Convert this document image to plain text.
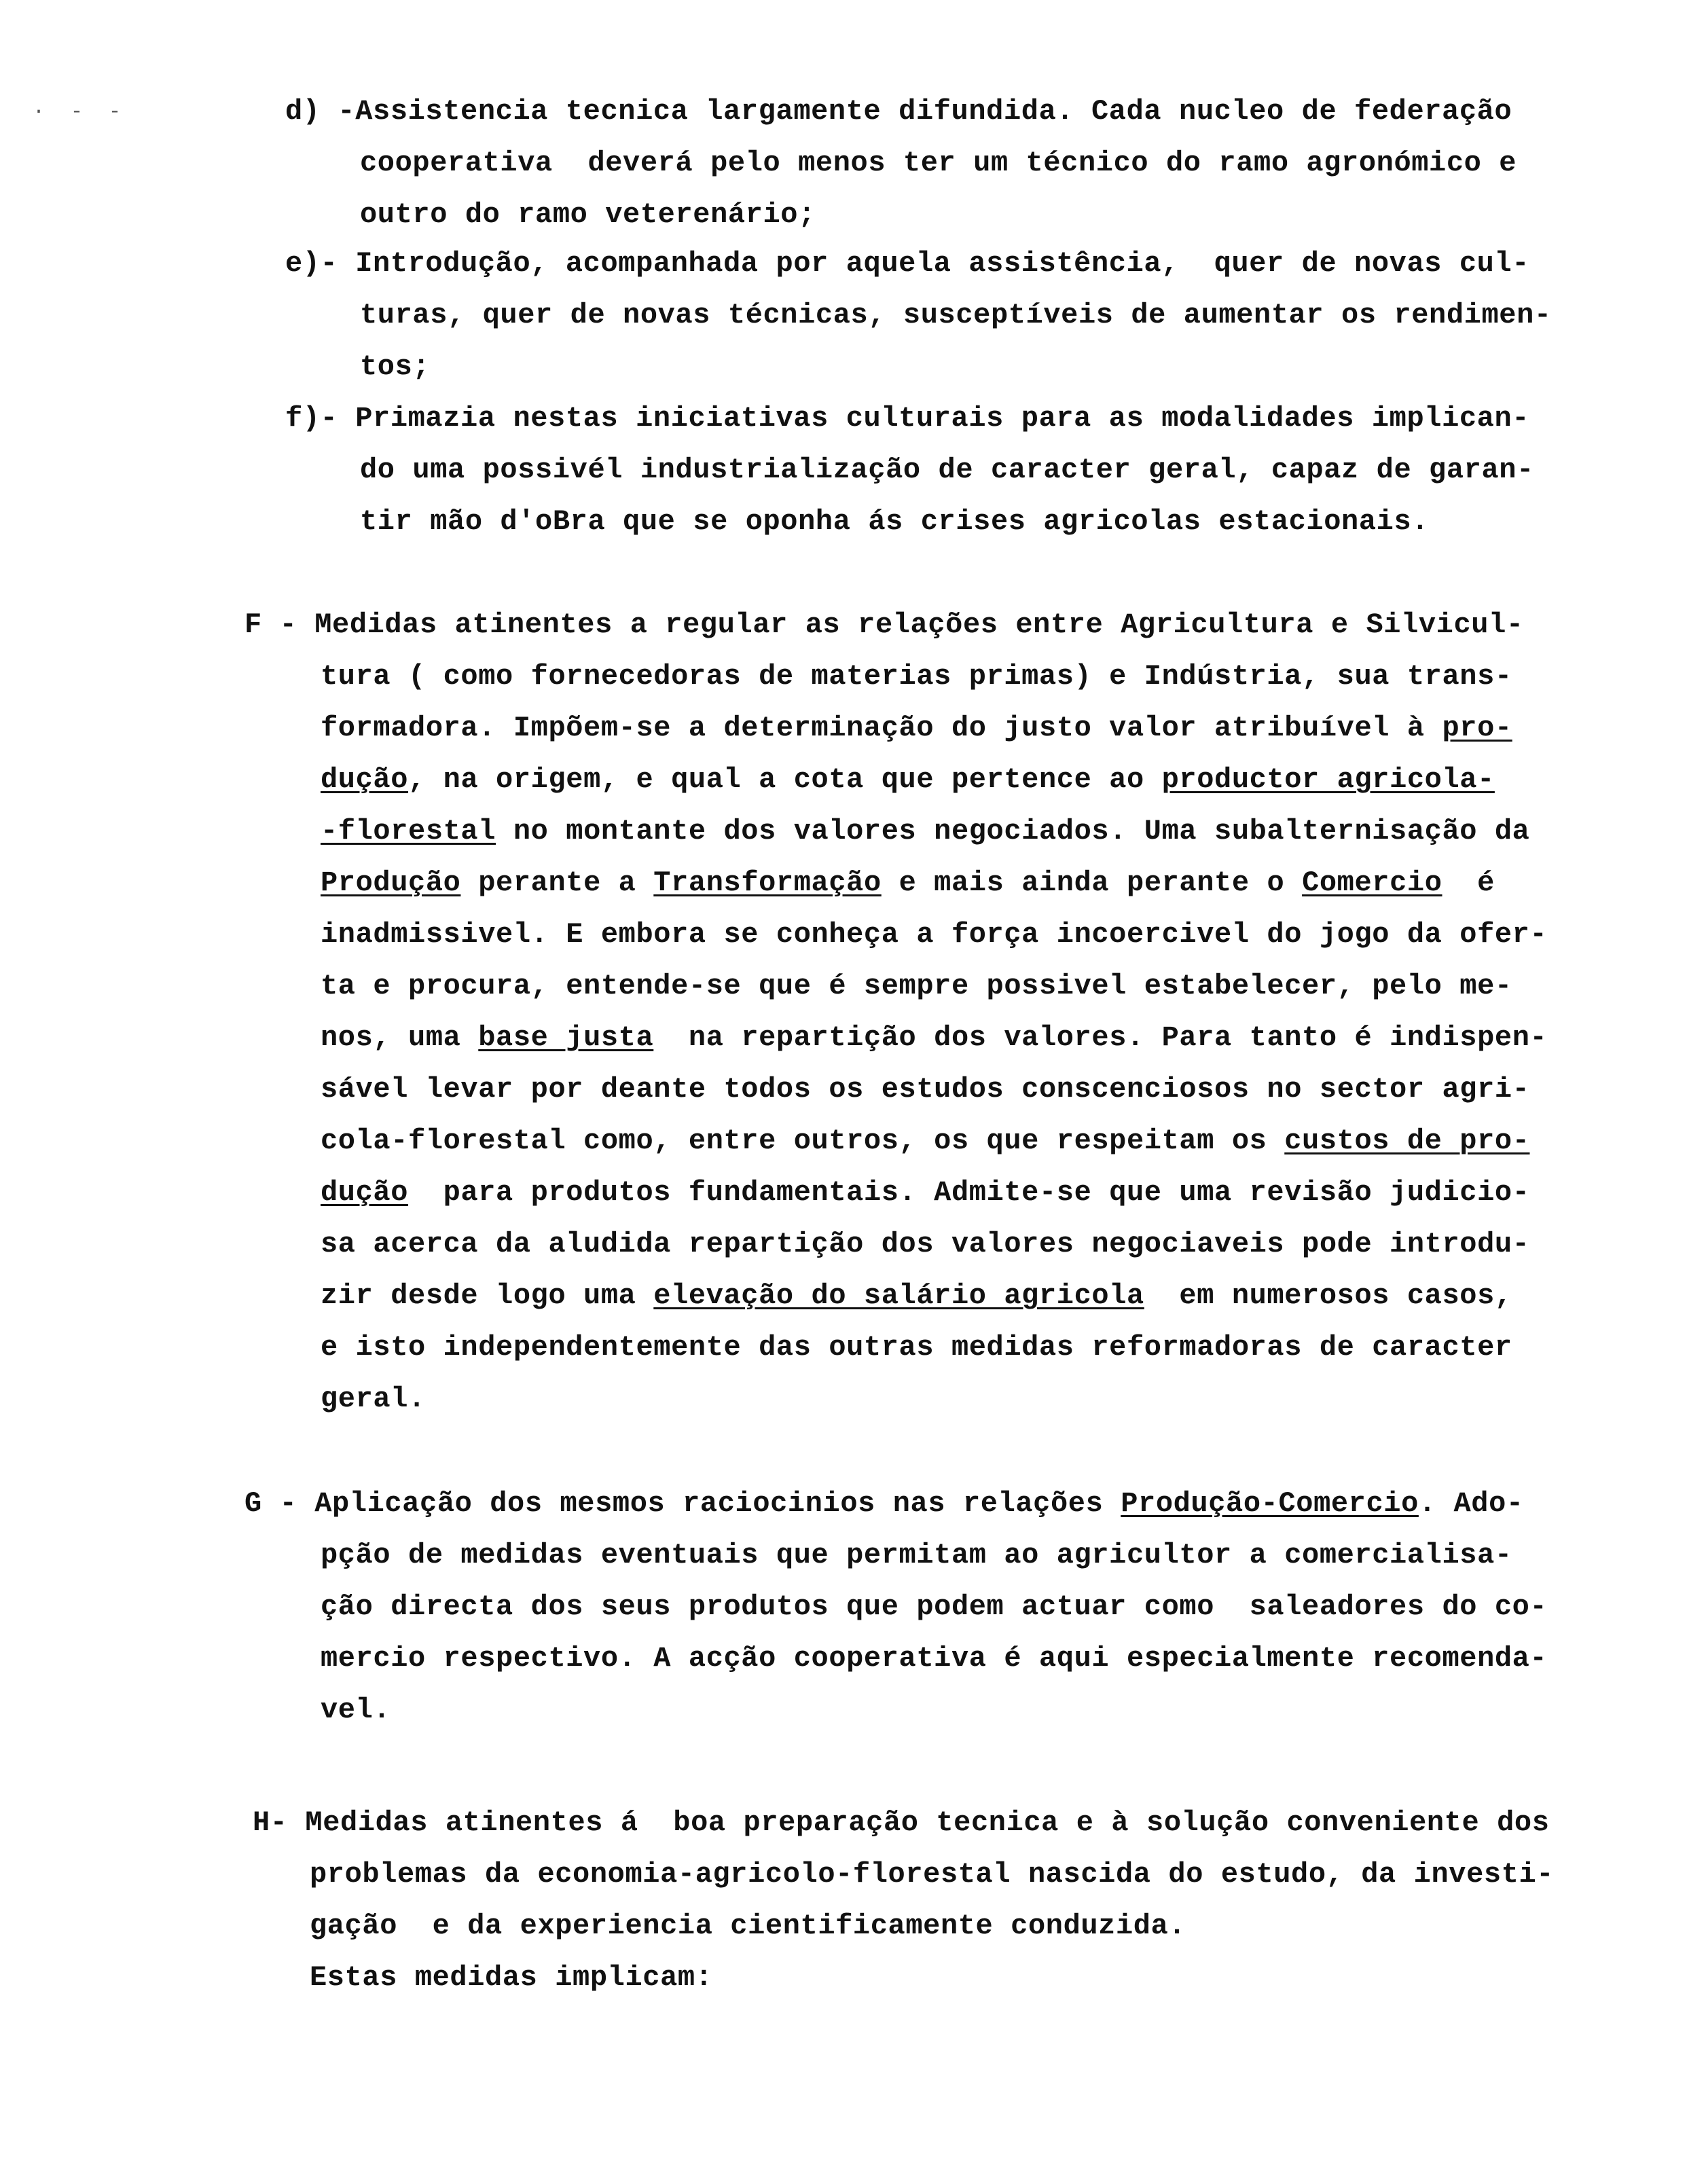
· - -	d) -Assistencia tecnica largamente difundida. Cada nucleo de federação
cooperativa  deverá pelo menos ter um técnico do ramo agronómico e
outro do ramo veterenário;
e)- Introdução, acompanhada por aquela assistência,  quer de novas cul-
turas, quer de novas técnicas, susceptíveis de aumentar os rendimen-
tos;
f)- Primazia nestas iniciativas culturais para as modalidades implican-
do uma possivél industrialização de caracter geral, capaz de garan-
tir mão d'oBra que se oponha ás crises agricolas estacionais.
F - Medidas atinentes a regular as relações entre Agricultura e Silvicul-
tura ( como fornecedoras de materias primas) e Indústria, sua trans-
formadora. Impõem-se a determinação do justo valor atribuível à pro-
dução, na origem, e qual a cota que pertence ao productor agricola-
-florestal no montante dos valores negociados. Uma subalternisação da
Produção perante a Transformação e mais ainda perante o Comercio  é
inadmissivel. E embora se conheça a força incoercivel do jogo da ofer-
ta e procura, entende-se que é sempre possivel estabelecer, pelo me-
nos, uma base justa  na repartição dos valores. Para tanto é indispen-
sável levar por deante todos os estudos conscenciosos no sector agri-
cola-florestal como, entre outros, os que respeitam os custos de pro-
dução  para produtos fundamentais. Admite-se que uma revisão judicio-
sa acerca da aludida repartição dos valores negociaveis pode introdu-
zir desde logo uma elevação do salário agricola  em numerosos casos,
e isto independentemente das outras medidas reformadoras de caracter
geral.
G - Aplicação dos mesmos raciocinios nas relações Produção-Comercio. Ado-
pção de medidas eventuais que permitam ao agricultor a comercialisa-
ção directa dos seus produtos que podem actuar como  saleadores do co-
mercio respectivo. A acção cooperativa é aqui especialmente recomenda-
vel.
H- Medidas atinentes á  boa preparação tecnica e à solução conveniente dos
problemas da economia-agricolo-florestal nascida do estudo, da investi-
gação  e da experiencia cientificamente conduzida.
Estas medidas implicam:
